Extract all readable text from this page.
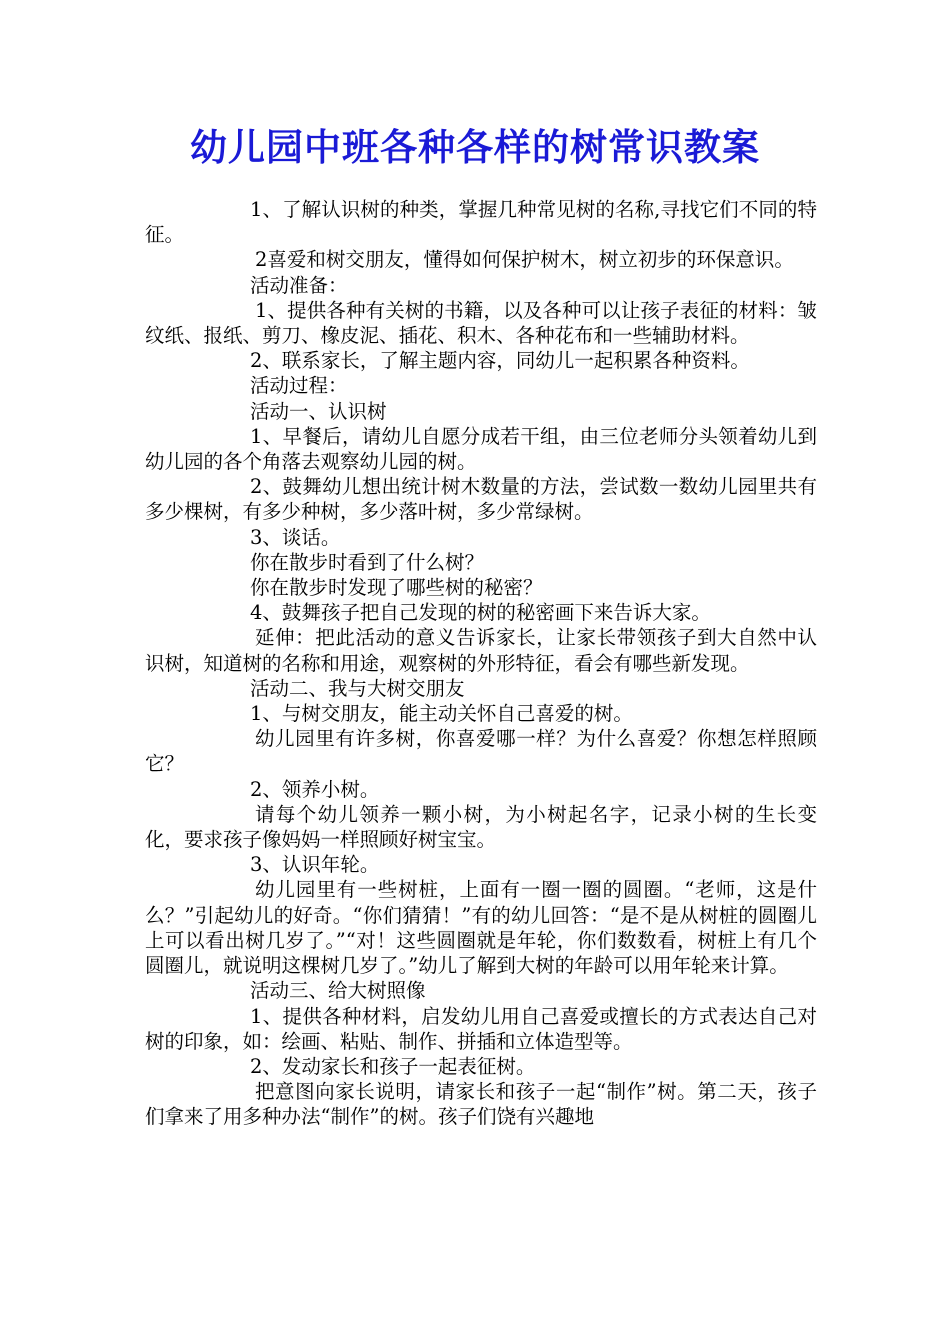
幼儿园中班各种各样的树常识教案

1、了解认识树的种类，掌握几种常见树的名称,寻找它们不同的特征。

2喜爱和树交朋友，懂得如何保护树木，树立初步的环保意识。

活动准备：

1、提供各种有关树的书籍，以及各种可以让孩子表征的材料：皱纹纸、报纸、剪刀、橡皮泥、插花、积木、各种花布和一些辅助材料。

2、联系家长，了解主题内容，同幼儿一起积累各种资料。

活动过程：

活动一、认识树

1、早餐后，请幼儿自愿分成若干组，由三位老师分头领着幼儿到幼儿园的各个角落去观察幼儿园的树。

2、鼓舞幼儿想出统计树木数量的方法，尝试数一数幼儿园里共有多少棵树，有多少种树，多少落叶树，多少常绿树。

3、谈话。

你在散步时看到了什么树？

你在散步时发现了哪些树的秘密？

4、鼓舞孩子把自己发现的树的秘密画下来告诉大家。

延伸：把此活动的意义告诉家长，让家长带领孩子到大自然中认识树，知道树的名称和用途，观察树的外形特征，看会有哪些新发现。

活动二、我与大树交朋友

1、与树交朋友，能主动关怀自己喜爱的树。

幼儿园里有许多树，你喜爱哪一样？为什么喜爱？你想怎样照顾它？

2、领养小树。

请每个幼儿领养一颗小树，为小树起名字，记录小树的生长变化，要求孩子像妈妈一样照顾好树宝宝。

3、认识年轮。

幼儿园里有一些树桩，上面有一圈一圈的圆圈。“老师，这是什么？”引起幼儿的好奇。“你们猜猜！”有的幼儿回答：“是不是从树桩的圆圈儿上可以看出树几岁了。”“对！这些圆圈就是年轮，你们数数看，树桩上有几个圆圈儿，就说明这棵树几岁了。”幼儿了解到大树的年龄可以用年轮来计算。

活动三、给大树照像

1、提供各种材料，启发幼儿用自己喜爱或擅长的方式表达自己对树的印象，如：绘画、粘贴、制作、拼插和立体造型等。

2、发动家长和孩子一起表征树。

把意图向家长说明，请家长和孩子一起“制作”树。第二天，孩子们拿来了用多种办法“制作”的树。孩子们饶有兴趣地
